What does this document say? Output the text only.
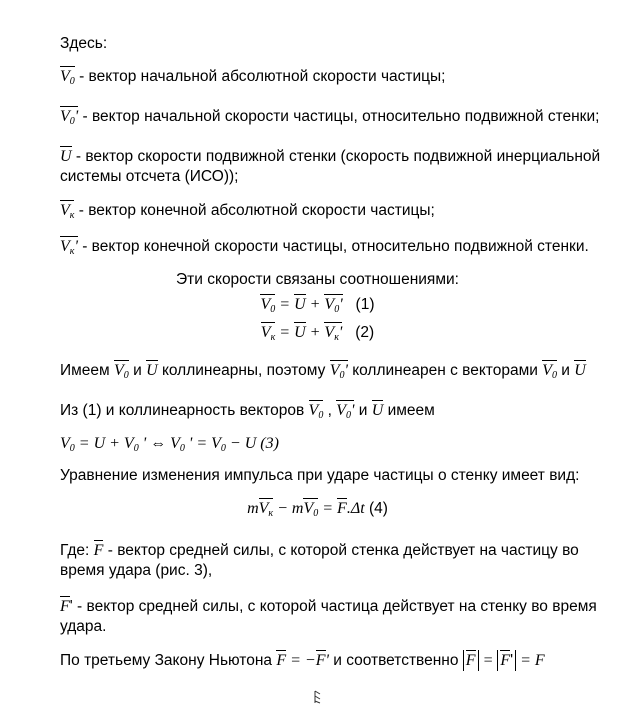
Здесь:
$V_0$ - вектор начальной абсолютной скорости частицы;
$V_0'$ - вектор начальной скорости частицы, относительно подвижной стенки;
U - вектор скорости подвижной стенки (скорость подвижной инерциальной системы отсчета (ИСО));
$V_к$ - вектор конечной абсолютной скорости частицы;
$V_к'$ - вектор конечной скорости частицы, относительно подвижной стенки.
Эти скорости связаны соотношениями:
$V_0 = U + V_0'$ (1)
$V_к = U + V_к'$ (2)
Имеем $V_0$ и U коллинеарны, поэтому $V_0'$ коллинеарен с векторами $V_0$ и U
Из (1) и коллинеарность векторов $V_0$ , $V_0'$ и U имеем
$V_0 = U + V_0$ ' ⇔ $V_0$ ' = $V_0 - U$ (3)
Уравнение изменения импульса при ударе частицы о стенку имеет вид:
$mV_к - mV_0 = F.\Delta t$ (4)
Где: F - вектор средней силы, с которой стенка действует на частицу во время удара (рис. 3),
F' - вектор средней силы, с которой частица действует на стенку во время удара.
По третьему Закону Ньютона F = −F' и соответственно F = F' = F
